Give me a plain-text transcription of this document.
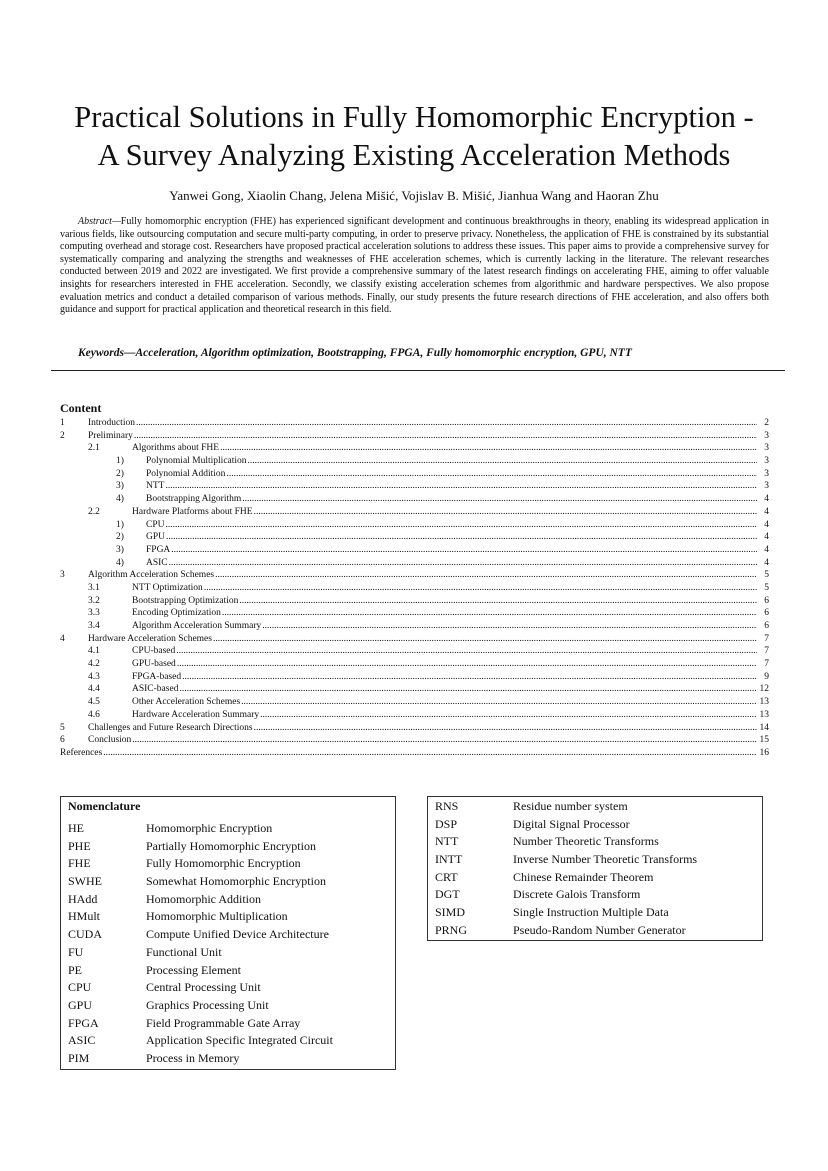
Practical Solutions in Fully Homomorphic Encryption -
A Survey Analyzing Existing Acceleration Methods
Yanwei Gong, Xiaolin Chang, Jelena Mišić, Vojislav B. Mišić, Jianhua Wang and Haoran Zhu
Abstract—Fully homomorphic encryption (FHE) has experienced significant development and continuous breakthroughs in theory, enabling its widespread application in various fields, like outsourcing computation and secure multi-party computing, in order to preserve privacy. Nonetheless, the application of FHE is constrained by its substantial computing overhead and storage cost. Researchers have proposed practical acceleration solutions to address these issues. This paper aims to provide a comprehensive survey for systematically comparing and analyzing the strengths and weaknesses of FHE acceleration schemes, which is currently lacking in the literature. The relevant researches conducted between 2019 and 2022 are investigated. We first provide a comprehensive summary of the latest research findings on accelerating FHE, aiming to offer valuable insights for researchers interested in FHE acceleration. Secondly, we classify existing acceleration schemes from algorithmic and hardware perspectives. We also propose evaluation metrics and conduct a detailed comparison of various methods. Finally, our study presents the future research directions of FHE acceleration, and also offers both guidance and support for practical application and theoretical research in this field.
Keywords—Acceleration, Algorithm optimization, Bootstrapping, FPGA, Fully homomorphic encryption, GPU, NTT
Content
1 Introduction .....	2
2 Preliminary .....	3
2.1	Algorithms about FHE .....	3
1) Polynomial Multiplication .....	3
2) Polynomial Addition .....	3
3) NTT .....	3
4) Bootstrapping Algorithm .....	4
2.2	Hardware Platforms about FHE .....	4
1) CPU .....	4
2) GPU .....	4
3) FPGA .....	4
4) ASIC .....	4
3 Algorithm Acceleration Schemes .....	5
3.1	NTT Optimization .....	5
3.2	Bootstrapping Optimization .....	6
3.3	Encoding Optimization .....	6
3.4	Algorithm Acceleration Summary .....	6
4 Hardware Acceleration Schemes .....	7
4.1	CPU-based .....	7
4.2	GPU-based .....	7
4.3	FPGA-based .....	9
4.4	ASIC-based .....	12
4.5	Other Acceleration Schemes .....	13
4.6	Hardware Acceleration Summary .....	13
5 Challenges and Future Research Directions .....	14
6 Conclusion .....	15
References .....	16
Nomenclature
HE	Homomorphic Encryption
PHE	Partially Homomorphic Encryption
FHE	Fully Homomorphic Encryption
SWHE	Somewhat Homomorphic Encryption
HAdd	Homomorphic Addition
HMult	Homomorphic Multiplication
CUDA	Compute Unified Device Architecture
FU	Functional Unit
PE	Processing Element
CPU	Central Processing Unit
GPU	Graphics Processing Unit
FPGA	Field Programmable Gate Array
ASIC	Application Specific Integrated Circuit
PIM	Process in Memory
RNS	Residue number system
DSP	Digital Signal Processor
NTT	Number Theoretic Transforms
INTT	Inverse Number Theoretic Transforms
CRT	Chinese Remainder Theorem
DGT	Discrete Galois Transform
SIMD	Single Instruction Multiple Data
PRNG	Pseudo-Random Number Generator
